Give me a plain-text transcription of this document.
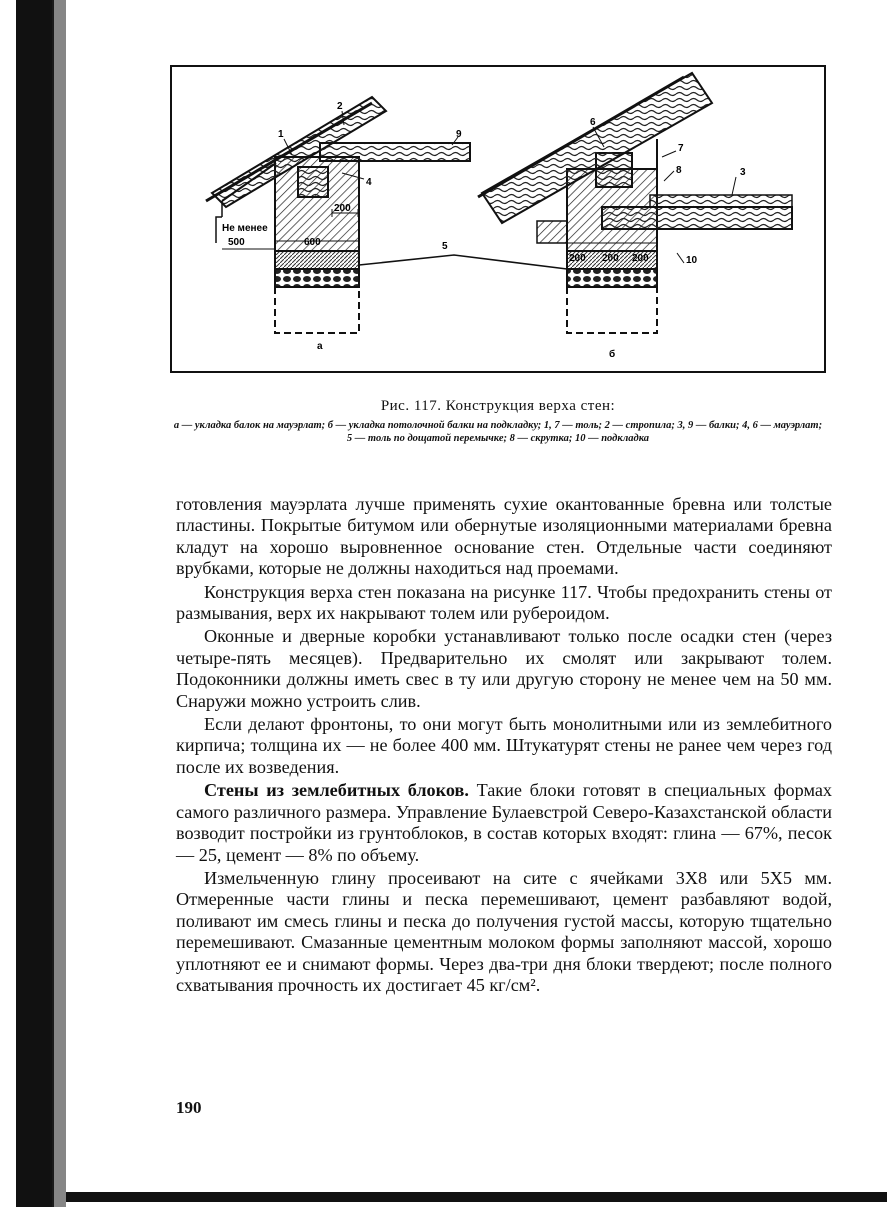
1
2
9
4
5
6
7
8	3
10
Не менее
500	600
200
200 200 200
а
б
Рис. 117. Конструкция верха стен:
а — укладка балок на мауэрлат; б — укладка потолочной балки на подкладку; 1, 7 — толь; 2 — стропила; 3, 9 — балки; 4, 6 — мауэрлат; 5 — толь по дощатой перемычке; 8 — скрутка; 10 — подкладка

готовления мауэрлата лучше применять сухие окантованные бревна или толстые пластины. Покрытые битумом или обернутые изоляционными материалами бревна кладут на хорошо выровненное основание стен. Отдельные части соединяют врубками, которые не должны находиться над проемами.

Конструкция верха стен показана на рисунке 117. Чтобы предохранить стены от размывания, верх их накрывают толем или рубероидом.

Оконные и дверные коробки устанавливают только после осадки стен (через четыре-пять месяцев). Предварительно их смолят или закрывают толем. Подоконники должны иметь свес в ту или другую сторону не менее чем на 50 мм. Снаружи можно устроить слив.

Если делают фронтоны, то они могут быть монолитными или из землебитного кирпича; толщина их — не более 400 мм. Штукатурят стены не ранее чем через год после их возведения.

Стены из землебитных блоков. Такие блоки готовят в специальных формах самого различного размера. Управление Булаевстрой Северо-Казахстанской области возводит постройки из грунтоблоков, в состав которых входят: глина — 67%, песок — 25, цемент — 8% по объему.

Измельченную глину просеивают на сите с ячейками 3Х8 или 5Х5 мм. Отмеренные части глины и песка перемешивают, цемент разбавляют водой, поливают им смесь глины и песка до получения густой массы, которую тщательно перемешивают. Смазанные цементным молоком формы заполняют массой, хорошо уплотняют ее и снимают формы. Через два-три дня блоки твердеют; после полного схватывания прочность их достигает 45 кг/см².

190
